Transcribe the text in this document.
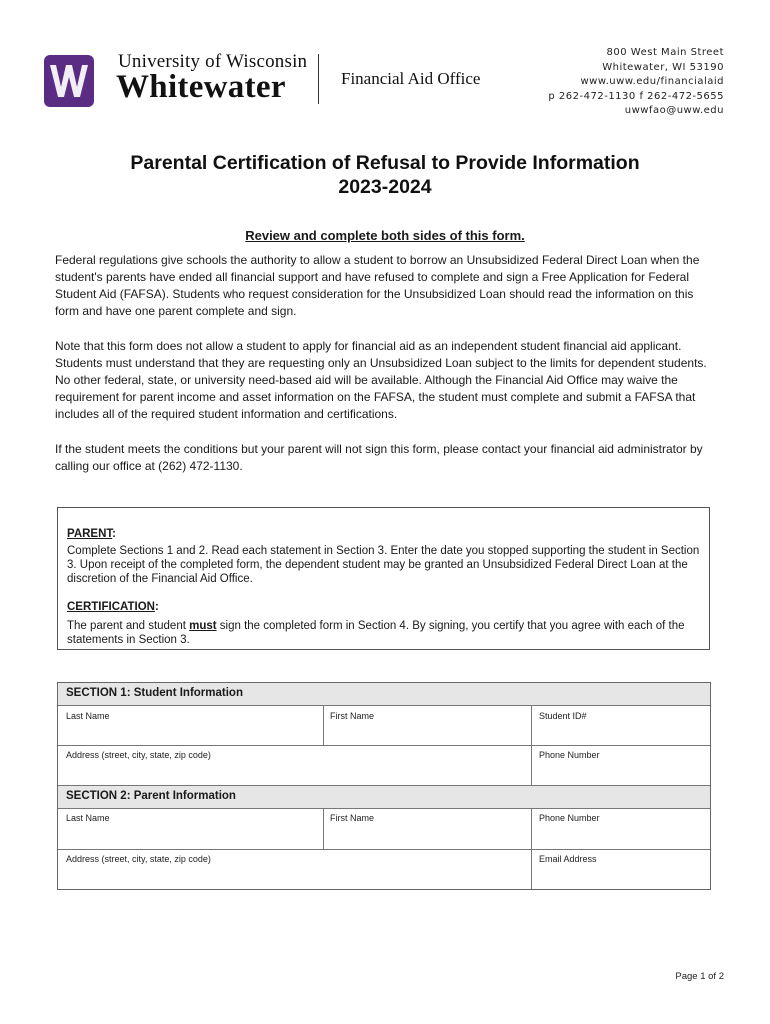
University of Wisconsin
Whitewater	Financial Aid Office
800 West Main Street
Whitewater, WI 53190
www.uww.edu/financialaid
p 262-472-1130 f 262-472-5655
uwwfao@uww.edu
Parental Certification of Refusal to Provide Information
2023-2024
Review and complete both sides of this form.
Federal regulations give schools the authority to allow a student to borrow an Unsubsidized Federal Direct Loan when the student's parents have ended all financial support and have refused to complete and sign a Free Application for Federal Student Aid (FAFSA). Students who request consideration for the Unsubsidized Loan should read the information on this form and have one parent complete and sign.
Note that this form does not allow a student to apply for financial aid as an independent student financial aid applicant. Students must understand that they are requesting only an Unsubsidized Loan subject to the limits for dependent students. No other federal, state, or university need-based aid will be available. Although the Financial Aid Office may waive the requirement for parent income and asset information on the FAFSA, the student must complete and submit a FAFSA that includes all of the required student information and certifications.
If the student meets the conditions but your parent will not sign this form, please contact your financial aid administrator by calling our office at (262) 472-1130.
PARENT:
Complete Sections 1 and 2. Read each statement in Section 3. Enter the date you stopped supporting the student in Section 3. Upon receipt of the completed form, the dependent student may be granted an Unsubsidized Federal Direct Loan at the discretion of the Financial Aid Office.
CERTIFICATION:
The parent and student must sign the completed form in Section 4. By signing, you certify that you agree with each of the statements in Section 3.
SECTION 1: Student Information
Last Name	First Name	Student ID#
Address (street, city, state, zip code)	Phone Number
SECTION 2: Parent Information
Last Name	First Name	Phone Number
Address (street, city, state, zip code)	Email Address
Page 1 of 2
